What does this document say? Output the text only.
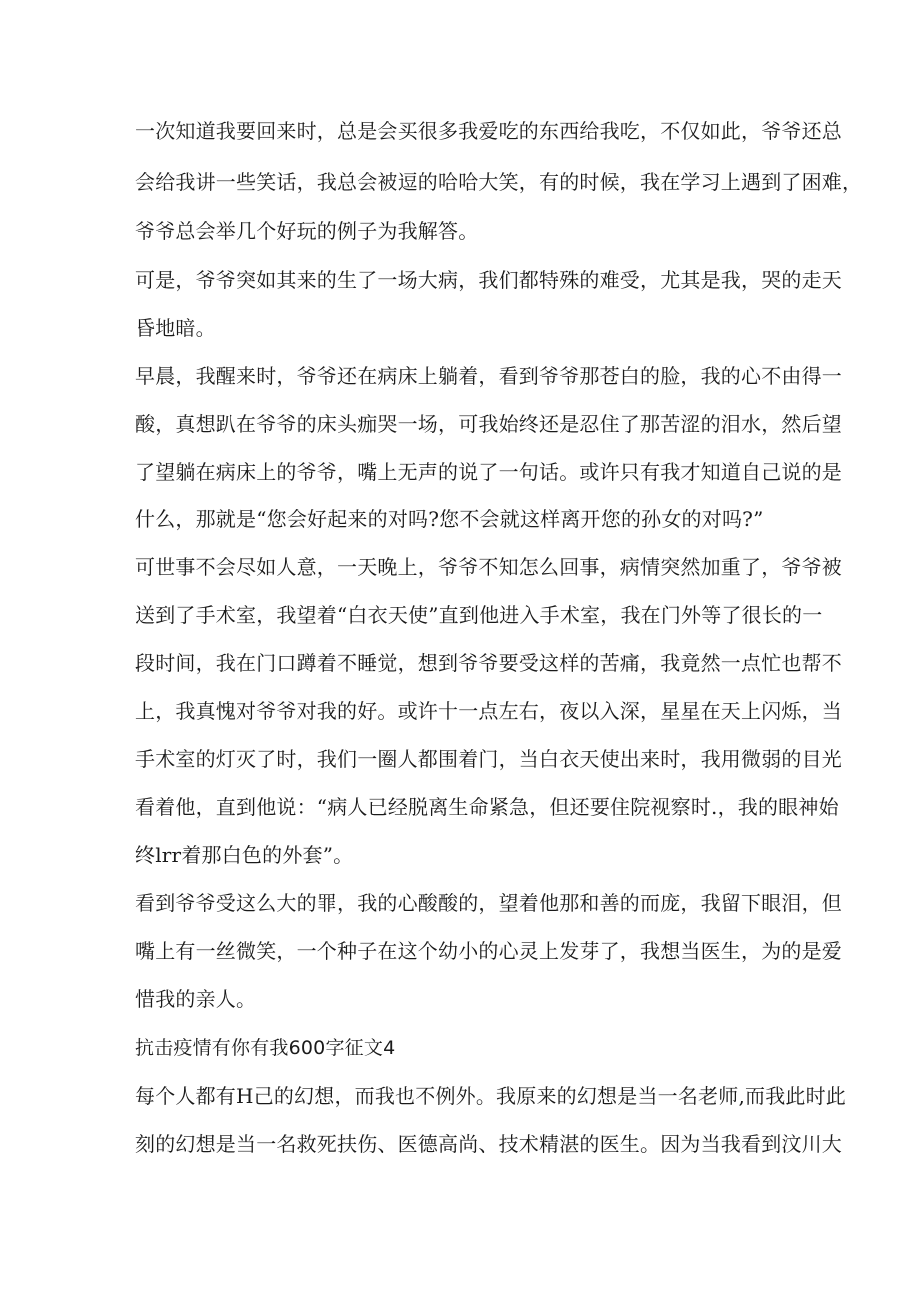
一次知道我要回来时，总是会买很多我爱吃的东西给我吃，不仅如此，爷爷还总
会给我讲一些笑话，我总会被逗的哈哈大笑，有的时候，我在学习上遇到了困难，
爷爷总会举几个好玩的例子为我解答。
可是，爷爷突如其来的生了一场大病，我们都特殊的难受，尤其是我，哭的走天
昏地暗。
早晨，我醒来时，爷爷还在病床上躺着，看到爷爷那苍白的脸，我的心不由得一
酸，真想趴在爷爷的床头痂哭一场，可我始终还是忍住了那苦涩的泪水，然后望
了望躺在病床上的爷爷，嘴上无声的说了一句话。或许只有我才知道自己说的是
什么，那就是“您会好起来的对吗?您不会就这样离开您的孙女的对吗?”
可世事不会尽如人意，一天晚上，爷爷不知怎么回事，病情突然加重了，爷爷被
送到了手术室，我望着“白衣天使”直到他进入手术室，我在门外等了很长的一
段时间，我在门口蹲着不睡觉，想到爷爷要受这样的苦痛，我竟然一点忙也帮不
上，我真愧对爷爷对我的好。或许十一点左右，夜以入深，星星在天上闪烁，当
手术室的灯灭了时，我们一圈人都围着门，当白衣天使出来时，我用微弱的目光
看着他，直到他说：“病人已经脱离生命紧急，但还要住院视察时.，我的眼神始
终lrr着那白色的外套”。
看到爷爷受这么大的罪，我的心酸酸的，望着他那和善的而庞，我留下眼泪，但
嘴上有一丝微笑，一个种子在这个幼小的心灵上发芽了，我想当医生，为的是爱
惜我的亲人。
抗击疫情有你有我600字征文4
每个人都有H己的幻想，而我也不例外。我原来的幻想是当一名老师,而我此时此
刻的幻想是当一名救死扶伤、医德高尚、技术精湛的医生。因为当我看到汶川大
